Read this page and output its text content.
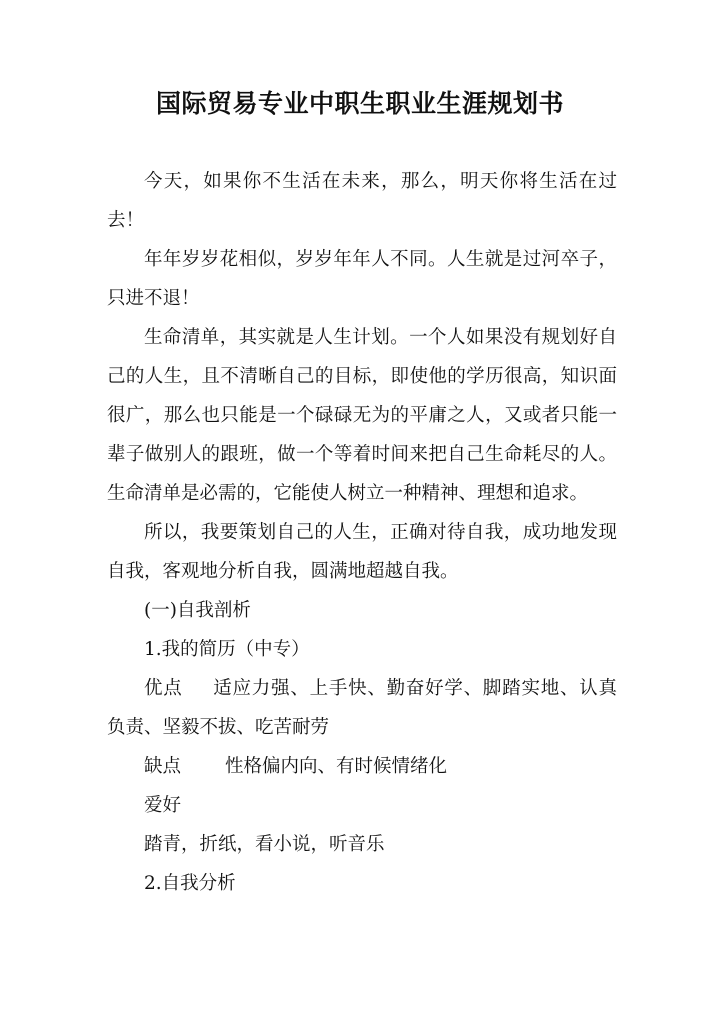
国际贸易专业中职生职业生涯规划书

今天，如果你不生活在未来，那么，明天你将生活在过去！

年年岁岁花相似，岁岁年年人不同。人生就是过河卒子，只进不退！

生命清单，其实就是人生计划。一个人如果没有规划好自己的人生，且不清晰自己的目标，即使他的学历很高，知识面很广，那么也只能是一个碌碌无为的平庸之人，又或者只能一辈子做别人的跟班，做一个等着时间来把自己生命耗尽的人。生命清单是必需的，它能使人树立一种精神、理想和追求。

所以，我要策划自己的人生，正确对待自我，成功地发现自我，客观地分析自我，圆满地超越自我。

(一)自我剖析

1.我的简历（中专）

优点 适应力强、上手快、勤奋好学、脚踏实地、认真负责、坚毅不拔、吃苦耐劳

缺点 性格偏内向、有时候情绪化

爱好

踏青，折纸，看小说，听音乐

2.自我分析
